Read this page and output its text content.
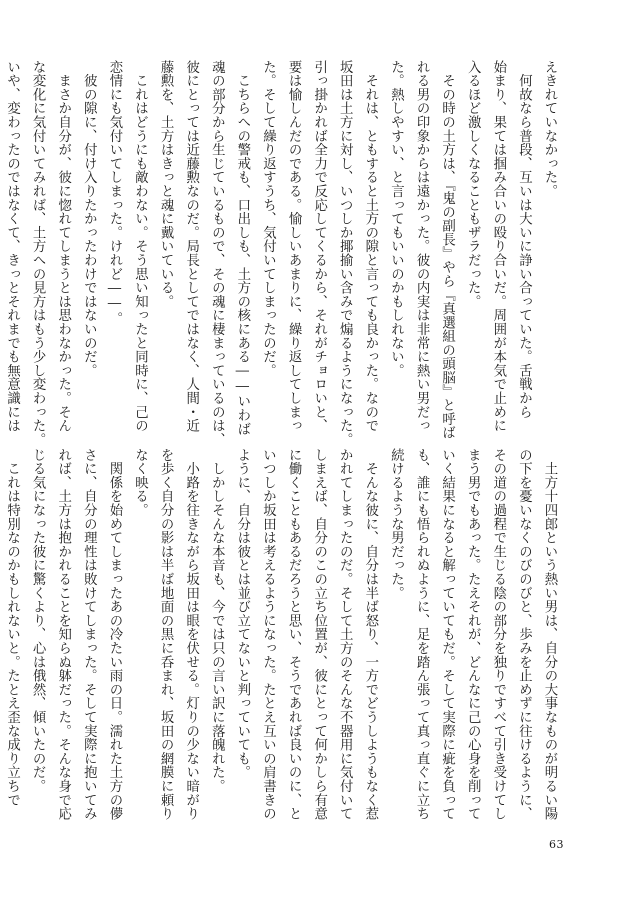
えきれていなかった。

　何故なら普段、互いは大いに諍い合っていた。舌戦から

始まり、果ては掴み合いの殴り合いだ。周囲が本気で止めに

入るほど激しくなることもザラだった。

　その時の土方は、『鬼の副長』やら『真選組の頭脳』と呼ば

れる男の印象からは遠かった。彼の内実は非常に熱い男だっ

た。熱しやすい、と言ってもいいのかもしれない。

　それは、ともすると土方の隙と言っても良かった。なので

坂田は土方に対し、いつしか揶揄い含みで煽るようになった。

引っ掛かれば全力で反応してくるから、それがチョロいと、

要は愉しんだのである。愉しいあまりに、繰り返してしまっ

た。そして繰り返すうち、気付いてしまったのだ。

　こちらへの警戒も、口出しも、土方の核にある――いわば

魂の部分から生じているもので、その魂に棲まっているのは、

彼にとっては近藤勲なのだ。局長としてではなく、人間・近

藤勲を、土方はきっと魂に戴いている。

　これはどうにも敵わない。そう思い知ったと同時に、己の

恋情にも気付いてしまった。けれど――。

　彼の隙に、付け入りたかったわけではないのだ。

　まさか自分が、彼に惚れてしまうとは思わなかった。そん

な変化に気付いてみれば、土方への見方はもう少し変わった。

いや、変わったのではなくて、きっとそれまでも無意識には

　土方十四郎という熱い男は、自分の大事なものが明るい陽

の下を憂いなくのびのびと、歩みを止めずに往けるように、

その道の過程で生じる陰の部分を独りですべて引き受けてし

まう男でもあった。たえそれが、どんなに己の心身を削って

いく結果になると解っていてもだ。そして実際に疵を負って

も、誰にも悟られぬように、足を踏ん張って真っ直ぐに立ち

続けるような男だった。

　そんな彼に、自分は半ば怒り、一方でどうしようもなく惹

かれてしまったのだ。そして土方のそんな不器用に気付いて

しまえば、自分のこの立ち位置が、彼にとって何かしら有意

に働くこともあるだろうと思い、そうであれば良いのに、と

いつしか坂田は考えるようになった。たとえ互いの肩書きの

ように、自分は彼とは並び立てないと判っていても。

　しかしそんな本音も、今では只の言い訳に落魄れた。

　小路を往きながら坂田は眼を伏せる。灯りの少ない暗がり

を歩く自分の影は半ば地面の黒に呑まれ、坂田の網膜に頼り

なく映る。

　関係を始めてしまったあの冷たい雨の日。濡れた土方の儚

さに、自分の理性は敗けてしまった。そして実際に抱いてみ

れば、土方は抱かれることを知らぬ躰だった。そんな身で応

じる気になった彼に驚くより、心は俄然、傾いたのだ。

　これは特別なのかもしれないと。たとえ歪な成り立ちで

63
